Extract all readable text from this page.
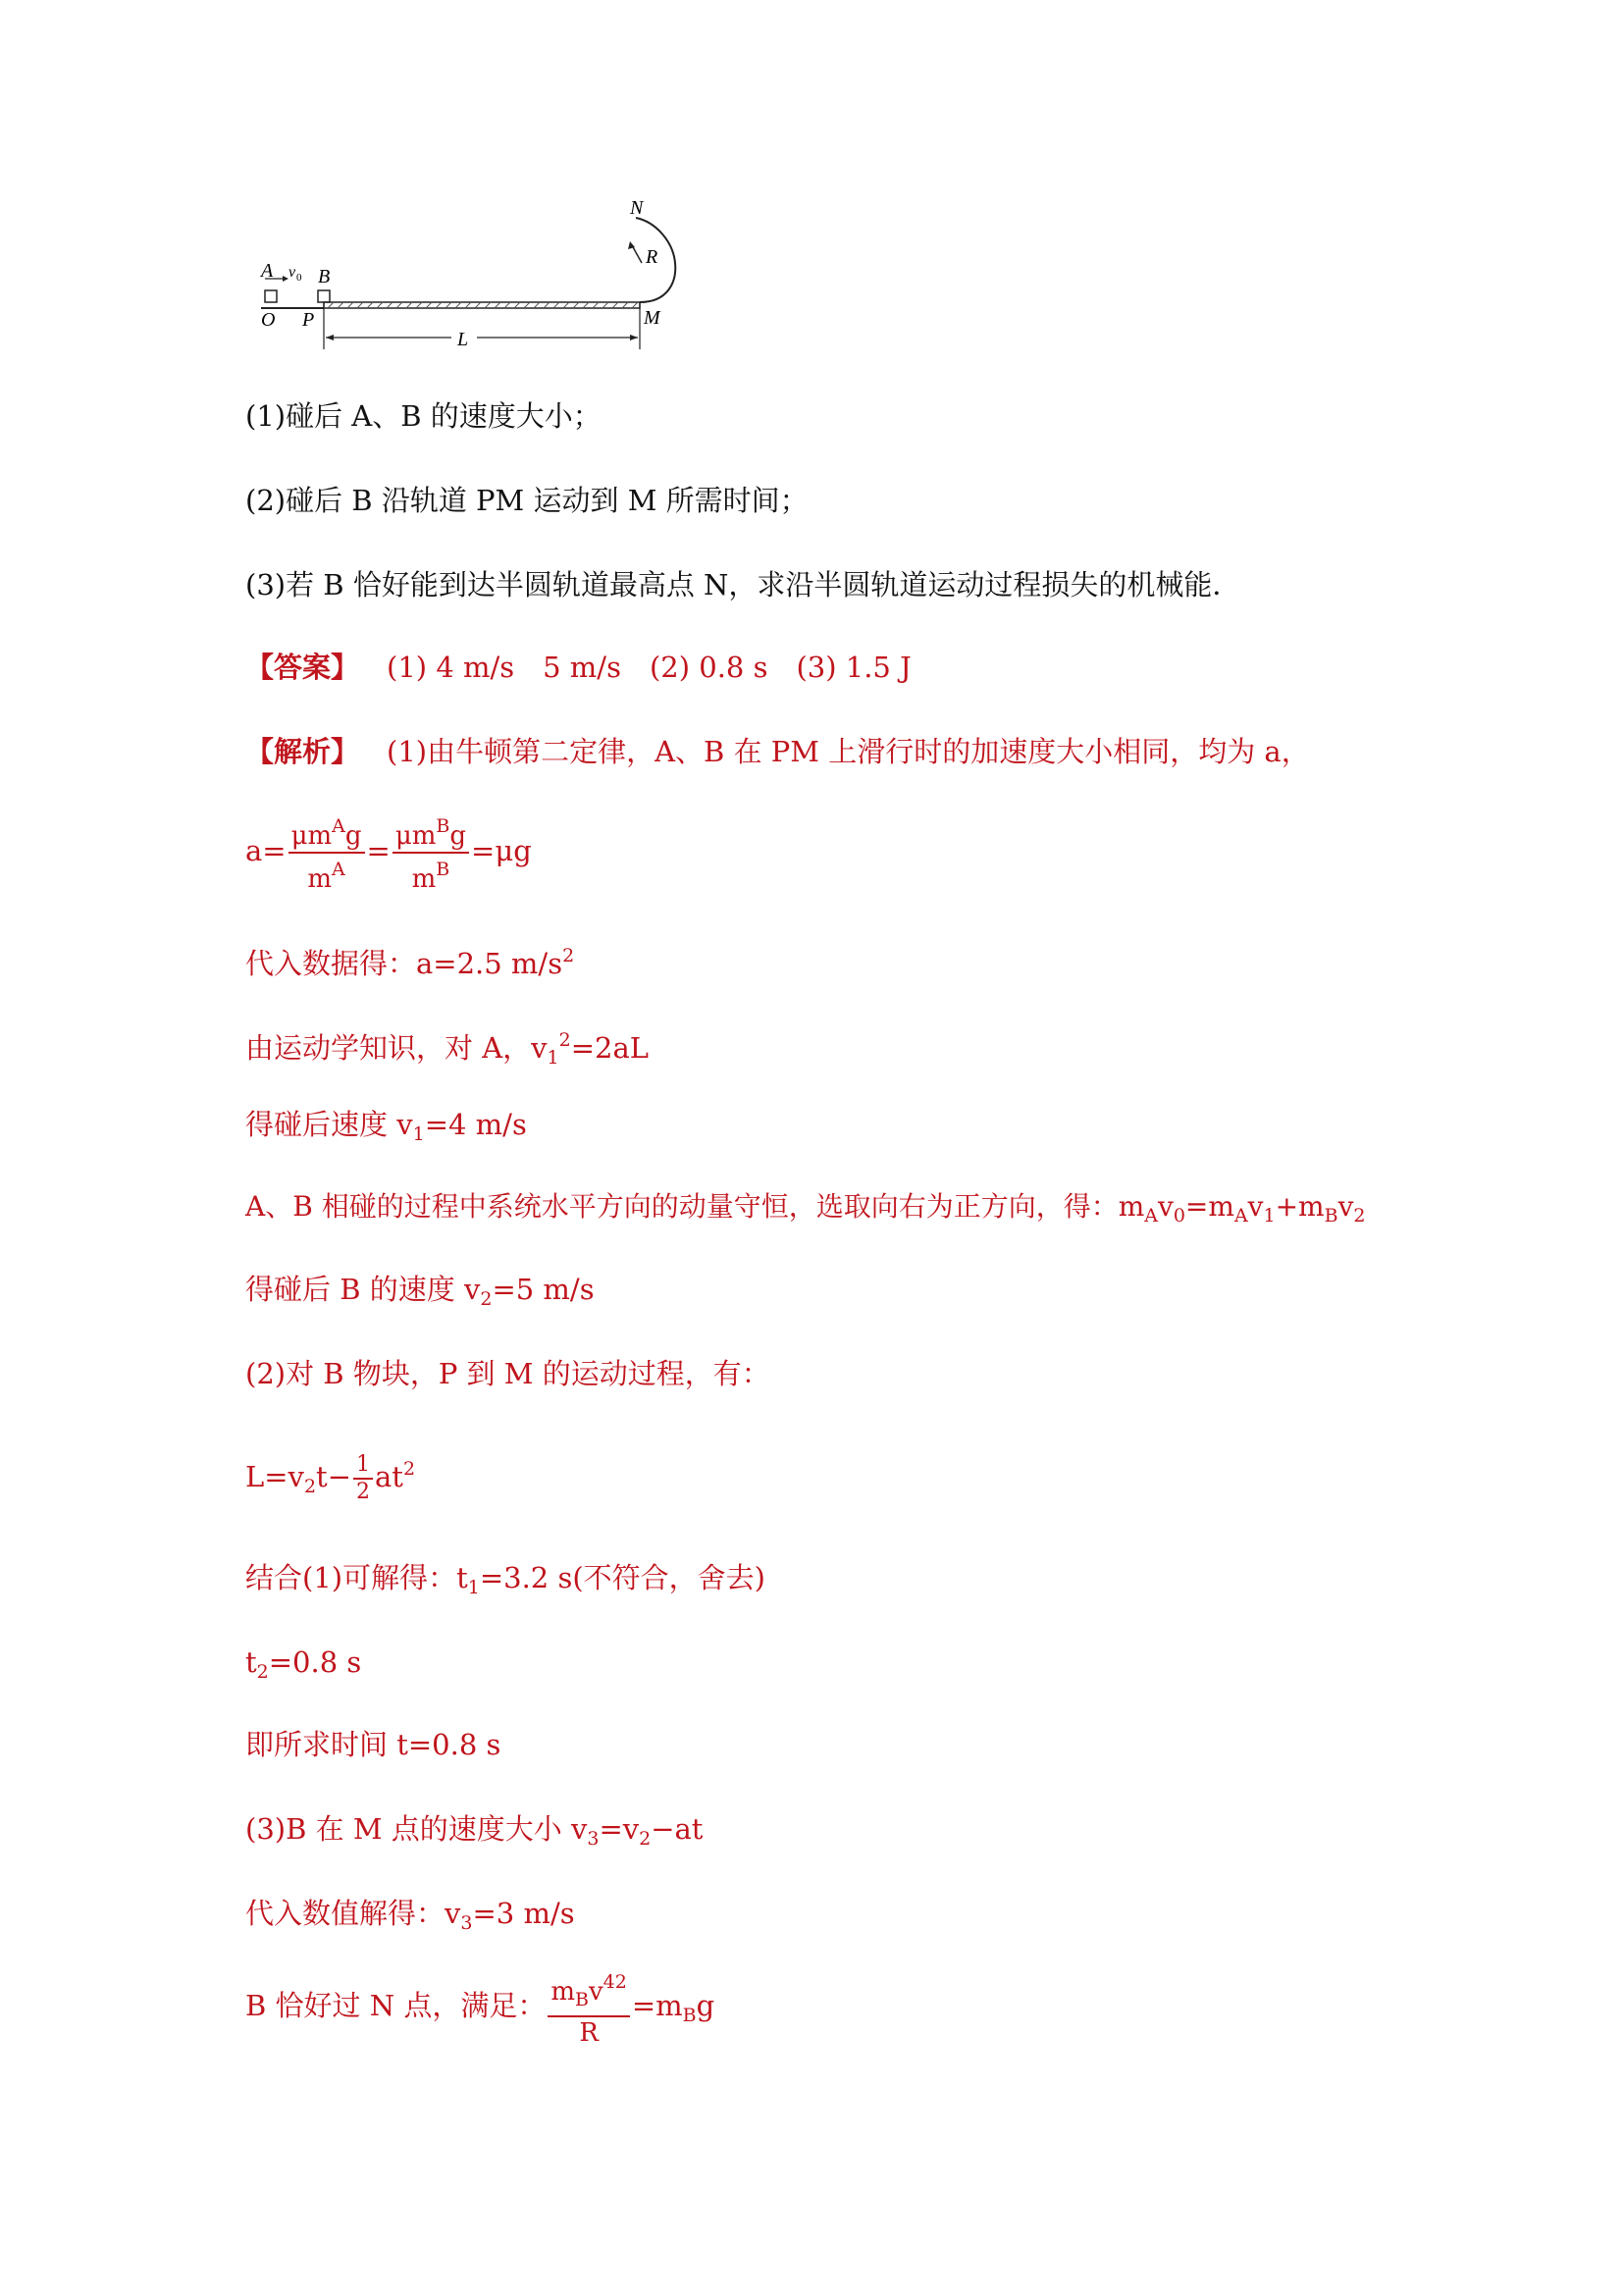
A v 0 B
O P
L
M
N
R
(1)碰后 A、B 的速度大小；
(2)碰后 B 沿轨道 PM 运动到 M 所需时间；
(3)若 B 恰好能到达半圆轨道最高点 N，求沿半圆轨道运动过程损失的机械能．
【答案】 (1) 4 m/s　5 m/s　(2) 0.8 s　(3) 1.5 J
【解析】 (1)由牛顿第二定律，A、B 在 PM 上滑行时的加速度大小相同，均为 a，
$a= \frac{\mu m^Ag}{m^A} = \frac{\mu m^Bg}{m^B} =\mu g$
代入数据得：a=2.5 $m/s^2$
由运动学知识，对 A，$v_1^2=2aL$
得碰后速度 $v_1=4$ m/s
A、B 相碰的过程中系统水平方向的动量守恒，选取向右为正方向，得：$m_Av_0=m_Av_1+m_Bv_2$
得碰后 B 的速度 $v_2=5$ m/s
(2)对 B 物块，P 到 M 的运动过程，有：
$L=v_2t- \frac{1}{2} at^2$
结合(1)可解得：$t_1=3.2$ s(不符合，舍去)
$t_2=0.8$ s
即所求时间 t=0.8 s
(3)B 在 M 点的速度大小 $v_3=v_2-at$
代入数值解得：$v_3=3$ m/s
B 恰好过 N 点，满足： $\frac{m_Bv^{42}}{R} =m_Bg$
